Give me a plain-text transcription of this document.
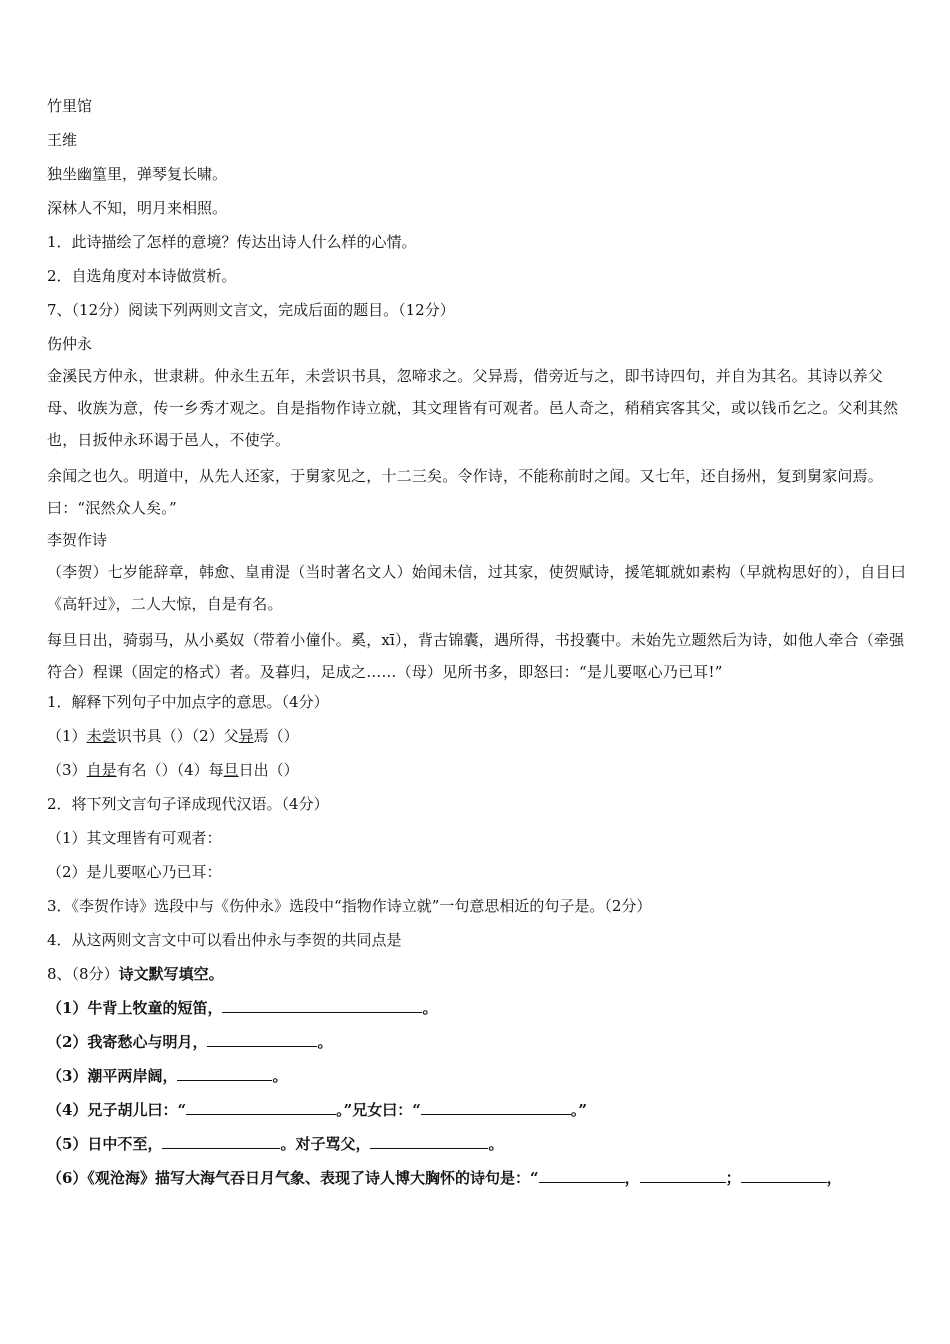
竹里馆
王维
独坐幽篁里，弹琴复长啸。
深林人不知，明月来相照。
1．此诗描绘了怎样的意境？传达出诗人什么样的心情。
2．自选角度对本诗做赏析。
7、（12分）阅读下列两则文言文，完成后面的题目。（12分）
伤仲永
金溪民方仲永，世隶耕。仲永生五年，未尝识书具，忽啼求之。父异焉，借旁近与之，即书诗四句，并自为其名。其诗以养父母、收族为意，传一乡秀才观之。自是指物作诗立就，其文理皆有可观者。邑人奇之，稍稍宾客其父，或以钱币乞之。父利其然也，日扳仲永环谒于邑人，不使学。
余闻之也久。明道中，从先人还家，于舅家见之，十二三矣。令作诗，不能称前时之闻。又七年，还自扬州，复到舅家问焉。曰：“泯然众人矣。”
李贺作诗
（李贺）七岁能辞章，韩愈、皇甫湜（当时著名文人）始闻未信，过其家，使贺赋诗，援笔辄就如素构（早就构思好的），自目曰《高轩过》，二人大惊，自是有名。
每旦日出，骑弱马，从小奚奴（带着小僮仆。奚，xī），背古锦囊，遇所得，书投囊中。未始先立题然后为诗，如他人牵合（牵强符合）程课（固定的格式）者。及暮归，足成之……（母）见所书多，即怒曰：“是儿要呕心乃已耳!”
1．解释下列句子中加点字的意思。（4分）
（1）未尝识书具（）（2）父异焉（）
（3）自是有名（）（4）每旦日出（）
2．将下列文言句子译成现代汉语。（4分）
（1）其文理皆有可观者：
（2）是儿要呕心乃已耳：
3．《李贺作诗》选段中与《伤仲永》选段中“指物作诗立就”一句意思相近的句子是。（2分）
4．从这两则文言文中可以看出仲永与李贺的共同点是
8、（8分）诗文默写填空。
（1）牛背上牧童的短笛，	。
（2）我寄愁心与明月，	。
（3）潮平两岸阔，	。
（4）兄子胡儿曰：“	。”兄女曰：“	。”
（5）日中不至，	。对子骂父，	。
（6）《观沧海》描写大海气吞日月气象、表现了诗人博大胸怀的诗句是：“	，	；	，
